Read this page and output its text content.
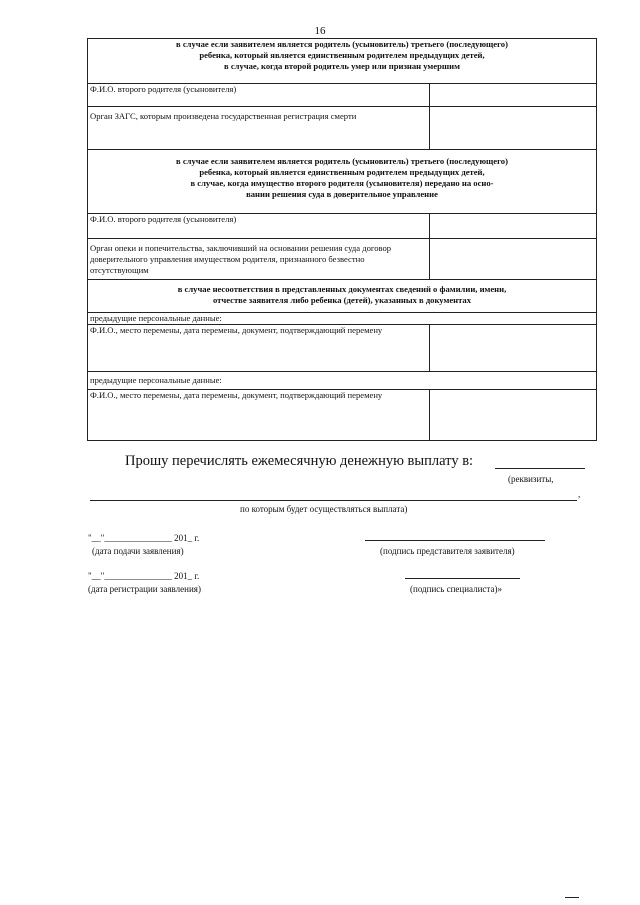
16
в случае если заявителем является родитель (усыновитель) третьего (последующего)
ребенка, который является единственным родителем предыдущих детей,
в случае, когда второй родитель умер или признан умершим	

Ф.И.О. второго родителя (усыновителя)	
Орган ЗАГС, которым произведена государственная регистрация смерти	

в случае если заявителем является родитель (усыновитель) третьего (последующего)
ребенка, который является единственным родителем предыдущих детей,
в случае, когда имущество второго родителя (усыновителя) передано на осно-
вании решения суда в доверительное управление	

Ф.И.О. второго родителя (усыновителя)	
Орган опеки и попечительства, заключивший на основании решения суда договор доверительного управления имуществом родителя, признанного безвестно отсутствующим	

в случае несоответствия в представленных документах сведений о фамилии, имени,
отчестве заявителя либо ребенка (детей), указанных в документах	

предыдущие персональные данные:	
Ф.И.О., место перемены, дата перемены, документ, подтверждающий перемену	
предыдущие персональные данные:	
Ф.И.О., место перемены, дата перемены, документ, подтверждающий перемену	
Прошу перечислять ежемесячную денежную выплату в:
(реквизиты,
,
по которым будет осуществляться выплата)
"__"_______________ 201_ г.
(дата подачи заявления)	(подпись представителя заявителя)
"__"_______________ 201_ г.
(дата регистрации заявления)	(подпись специалиста)»
